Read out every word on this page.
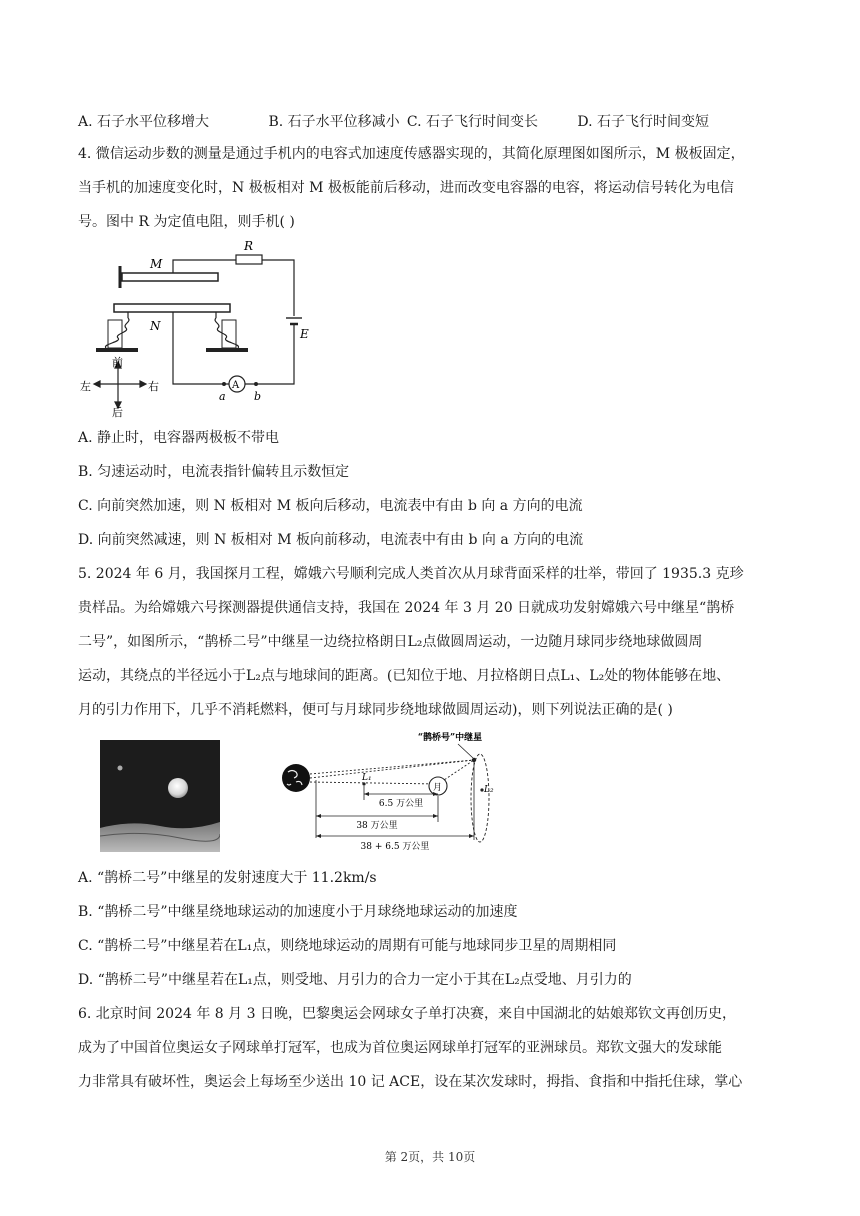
A. 石子水平位移增大	B. 石子水平位移减小 C. 石子飞行时间变长	D. 石子飞行时间变短
4. 微信运动步数的测量是通过手机内的电容式加速度传感器实现的，其简化原理图如图所示，M 极板固定，
当手机的加速度变化时，N 极板相对 M 极板能前后移动，进而改变电容器的电容，将运动信号转化为电信
号。图中 R 为定值电阻，则手机( )
M
R
E
N
a
A
b
前
后
左	右
A. 静止时，电容器两极板不带电
B. 匀速运动时，电流表指针偏转且示数恒定
C. 向前突然加速，则 N 板相对 M 板向后移动，电流表中有由 b 向 a 方向的电流
D. 向前突然减速，则 N 板相对 M 板向前移动，电流表中有由 b 向 a 方向的电流
5. 2024 年 6 月，我国探月工程，嫦娥六号顺利完成人类首次从月球背面采样的壮举，带回了 1935.3 克珍
贵样品。为给嫦娥六号探测器提供通信支持，我国在 2024 年 3 月 20 日就成功发射嫦娥六号中继星“鹊桥
二号”，如图所示，“鹊桥二号”中继星一边绕拉格朗日L₂点做圆周运动，一边随月球同步绕地球做圆周
运动，其绕点的半径远小于L₂点与地球间的距离。(已知位于地、月拉格朗日点L₁、L₂处的物体能够在地、
月的引力作用下，几乎不消耗燃料，便可与月球同步绕地球做圆周运动)，则下列说法正确的是( )
“鹊桥号”中继星
L₁
月	L₂
6.5 万公里
38 万公里
38 + 6.5 万公里
A. “鹊桥二号”中继星的发射速度大于 11.2km/s
B. “鹊桥二号”中继星绕地球运动的加速度小于月球绕地球运动的加速度
C. “鹊桥二号”中继星若在L₁点，则绕地球运动的周期有可能与地球同步卫星的周期相同
D. “鹊桥二号”中继星若在L₁点，则受地、月引力的合力一定小于其在L₂点受地、月引力的
6. 北京时间 2024 年 8 月 3 日晚，巴黎奥运会网球女子单打决赛，来自中国湖北的姑娘郑钦文再创历史，
成为了中国首位奥运女子网球单打冠军，也成为首位奥运网球单打冠军的亚洲球员。郑钦文强大的发球能
力非常具有破坏性，奥运会上每场至少送出 10 记 ACE，设在某次发球时，拇指、食指和中指托住球，掌心
第 2页，共 10页
